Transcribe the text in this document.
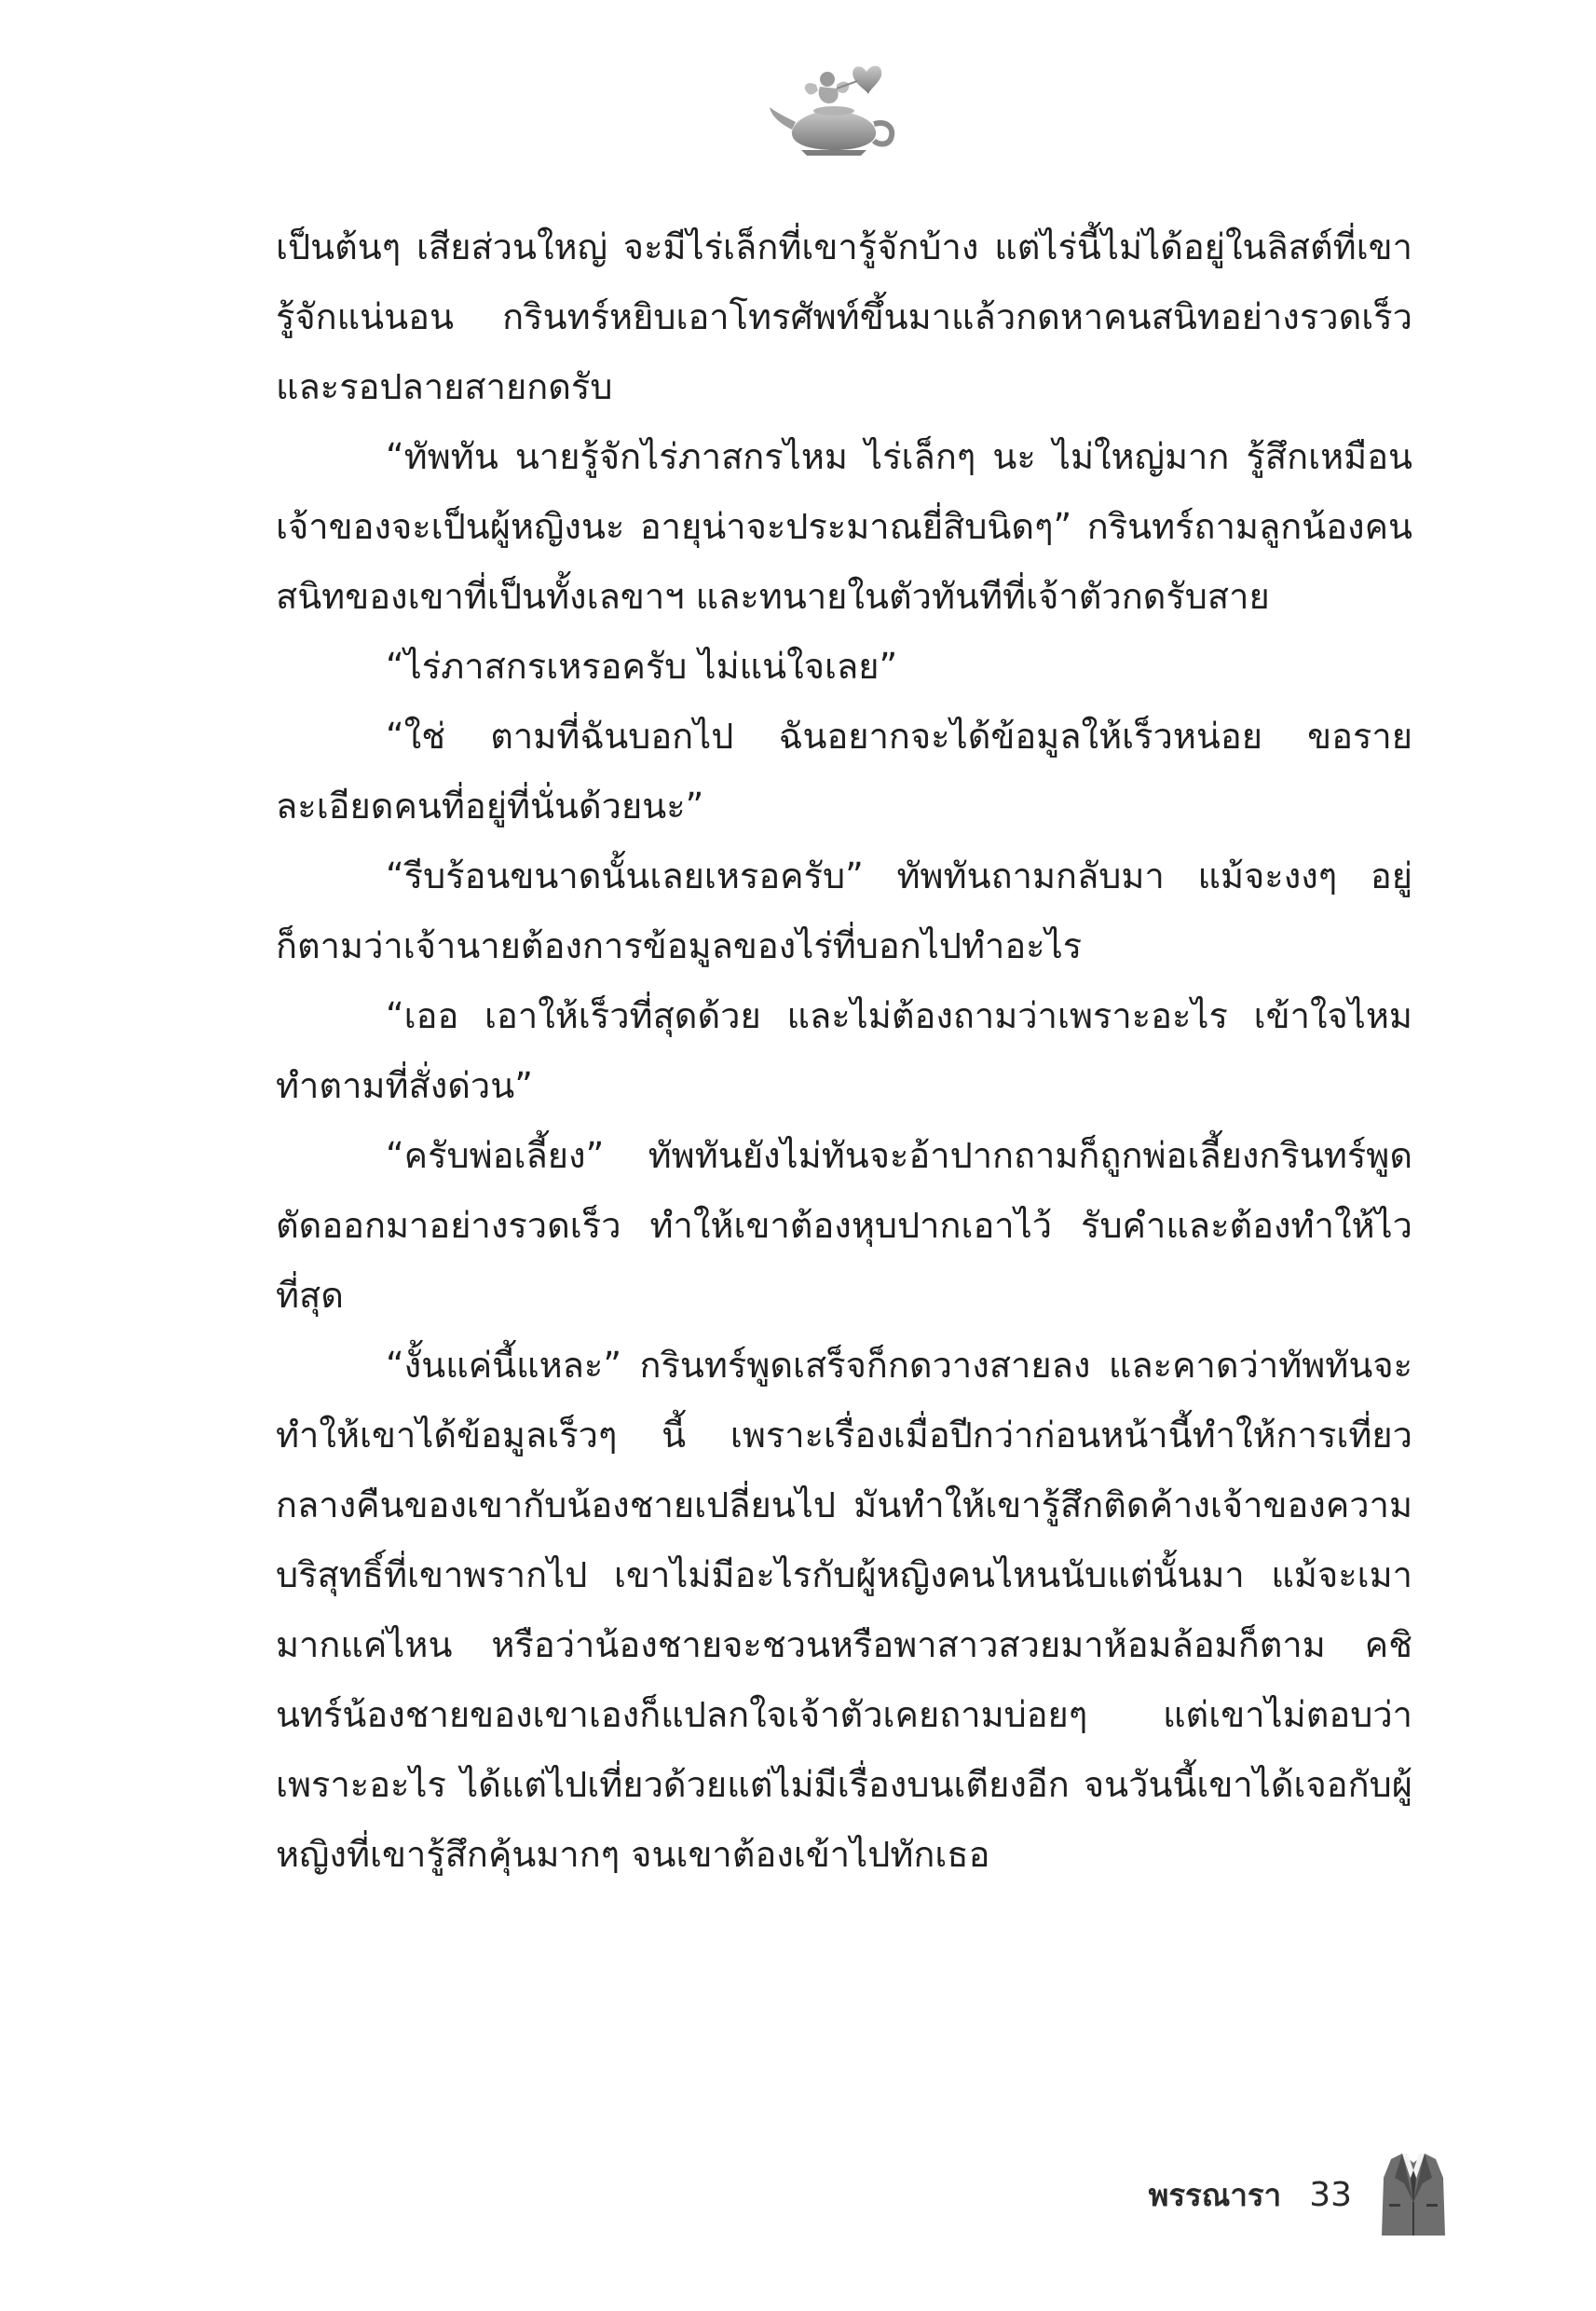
เป็นต้นๆ เสียส่วนใหญ่ จะมีไร่เล็กที่เขารู้จักบ้าง แต่ไร่นี้ไม่ได้อยู่ในลิสต์ที่เขารู้จักแน่นอน กรินทร์หยิบเอาโทรศัพท์ขึ้นมาแล้วกดหาคนสนิทอย่างรวดเร็วและรอปลายสายกดรับ

“ทัพทัน นายรู้จักไร่ภาสกรไหม ไร่เล็กๆ นะ ไม่ใหญ่มาก รู้สึกเหมือนเจ้าของจะเป็นผู้หญิงนะ อายุน่าจะประมาณยี่สิบนิดๆ” กรินทร์ถามลูกน้องคนสนิทของเขาที่เป็นทั้งเลขาฯ และทนายในตัวทันทีที่เจ้าตัวกดรับสาย

“ไร่ภาสกรเหรอครับ ไม่แน่ใจเลย”

“ใช่ ตามที่ฉันบอกไป ฉันอยากจะได้ข้อมูลให้เร็วหน่อย ขอรายละเอียดคนที่อยู่ที่นั่นด้วยนะ”

“รีบร้อนขนาดนั้นเลยเหรอครับ” ทัพทันถามกลับมา แม้จะงงๆ อยู่ก็ตามว่าเจ้านายต้องการข้อมูลของไร่ที่บอกไปทำอะไร

“เออ เอาให้เร็วที่สุดด้วย และไม่ต้องถามว่าเพราะอะไร เข้าใจไหม ทำตามที่สั่งด่วน”

“ครับพ่อเลี้ยง” ทัพทันยังไม่ทันจะอ้าปากถามก็ถูกพ่อเลี้ยงกรินทร์พูดตัดออกมาอย่างรวดเร็ว ทำให้เขาต้องหุบปากเอาไว้ รับคำและต้องทำให้ไวที่สุด

“งั้นแค่นี้แหละ” กรินทร์พูดเสร็จก็กดวางสายลง และคาดว่าทัพทันจะทำให้เขาได้ข้อมูลเร็วๆ นี้ เพราะเรื่องเมื่อปีกว่าก่อนหน้านี้ทำให้การเที่ยวกลางคืนของเขากับน้องชายเปลี่ยนไป มันทำให้เขารู้สึกติดค้างเจ้าของความบริสุทธิ์ที่เขาพรากไป เขาไม่มีอะไรกับผู้หญิงคนไหนนับแต่นั้นมา แม้จะเมามากแค่ไหน หรือว่าน้องชายจะชวนหรือพาสาวสวยมาห้อมล้อมก็ตาม คชินทร์น้องชายของเขาเองก็แปลกใจเจ้าตัวเคยถามบ่อยๆ แต่เขาไม่ตอบว่าเพราะอะไร ได้แต่ไปเที่ยวด้วยแต่ไม่มีเรื่องบนเตียงอีก จนวันนี้เขาได้เจอกับผู้หญิงที่เขารู้สึกคุ้นมากๆ จนเขาต้องเข้าไปทักเธอ

พรรณารา 33
